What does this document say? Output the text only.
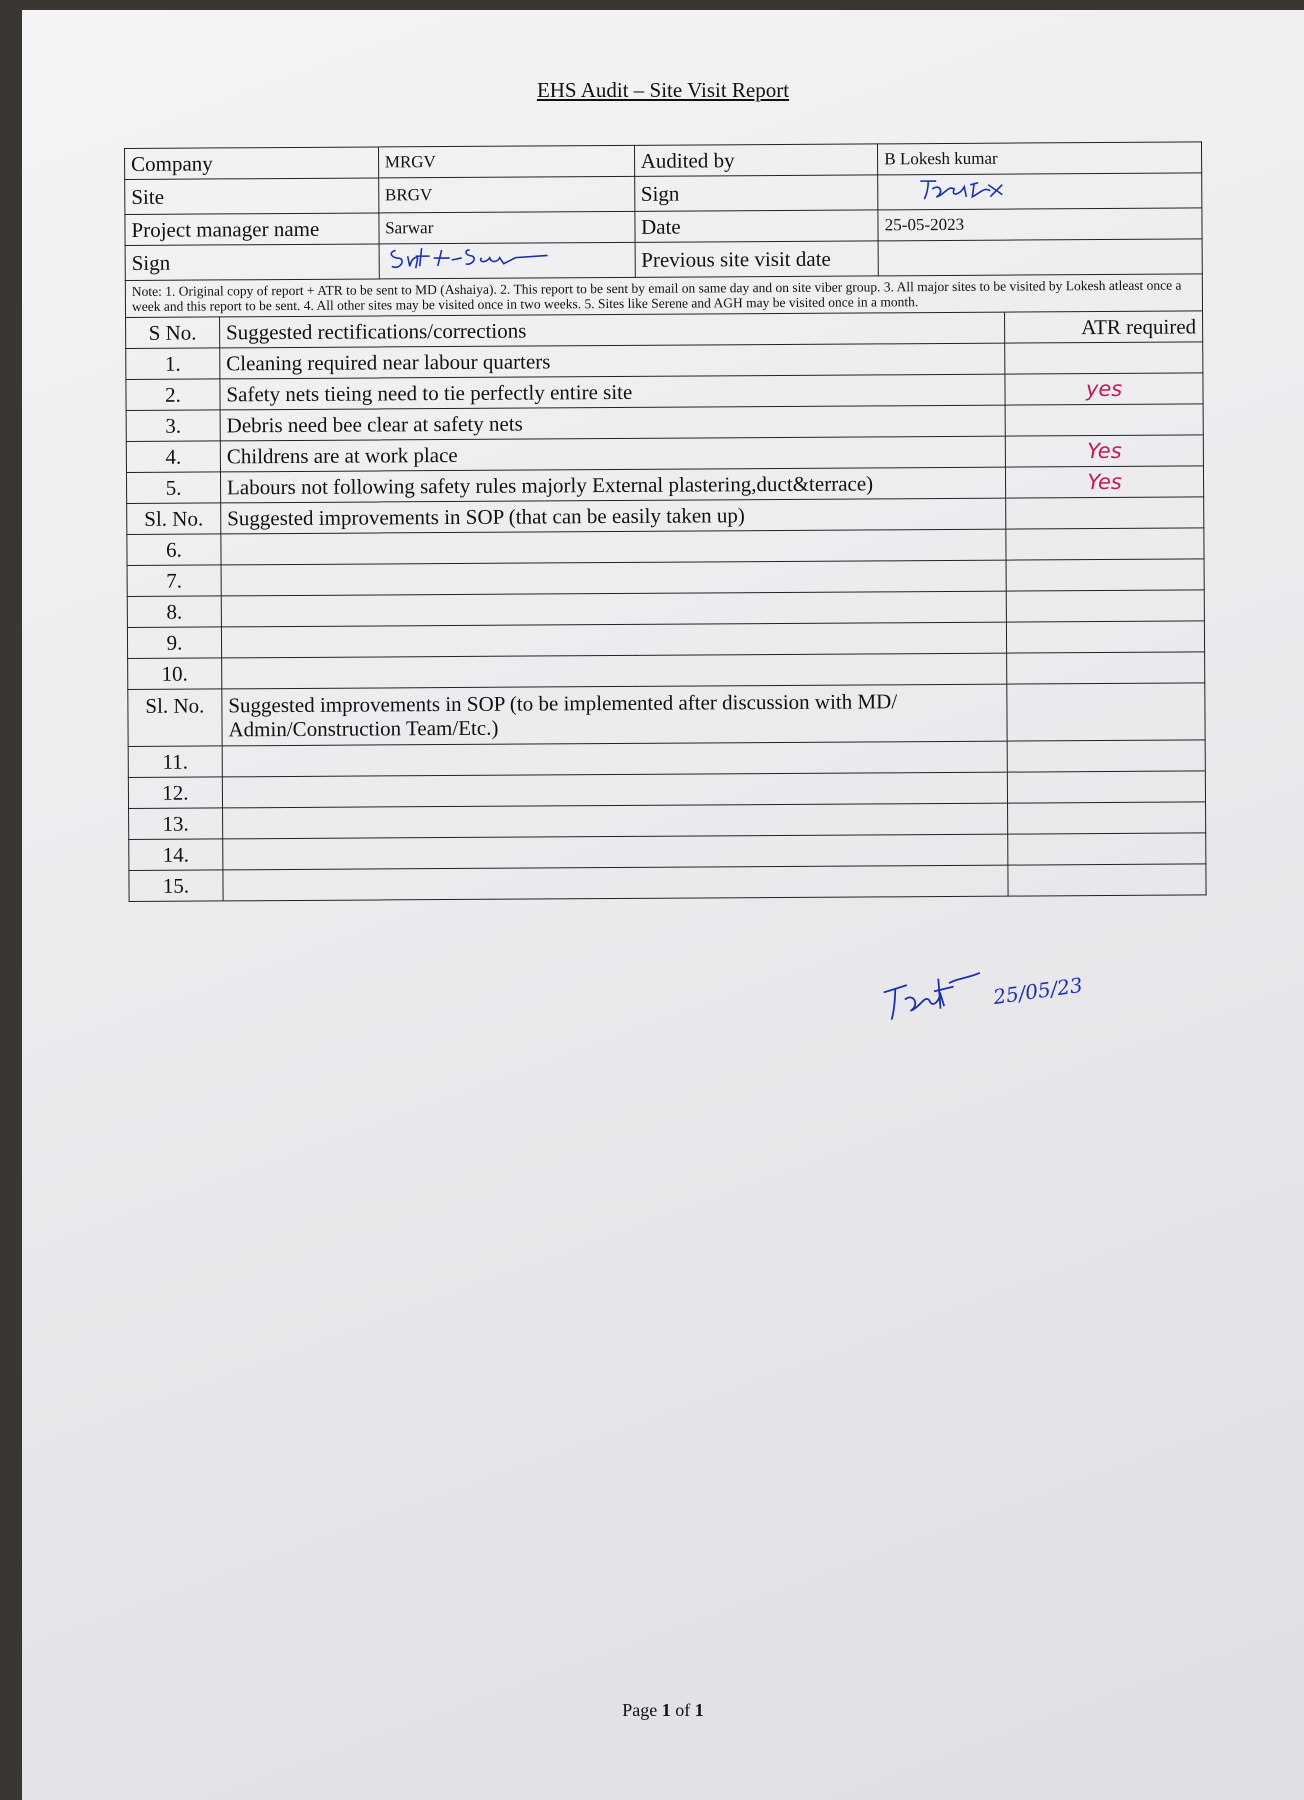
EHS Audit – Site Visit Report
Company		MRGV	Audited by	B Lokesh kumar	
Site		BRGV	Sign	
Project manager name		Sarwar	Date	25-05-2023	
Sign			Previous site visit date		
Note: 1. Original copy of report + ATR to be sent to MD (Ashaiya). 2. This report to be sent by email on same day and on site viber group. 3. All major sites to be visited by Lokesh atleast once a week and this report to be sent. 4. All other sites may be visited once in two weeks. 5. Sites like Serene and AGH may be visited once in a month.					
S No.	Suggested rectifications/corrections				ATR required
1.	Cleaning required near labour quarters				
2.	Safety nets tieing need to tie perfectly entire site				yes
3.	Debris need bee clear at safety nets				
4.	Childrens are at work place				Yes
5.	Labours not following safety rules majorly External plastering,duct&terrace)				Yes
Sl. No.	Suggested improvements in SOP (that can be easily taken up)				
6.					
7.					
8.					
9.					
10.					
Sl. No.	Suggested improvements in SOP (to be implemented after discussion with MD/ Admin/Construction Team/Etc.)				
11.					
12.					
13.					
14.					
15.					
25/05/23
Page 1 of 1
